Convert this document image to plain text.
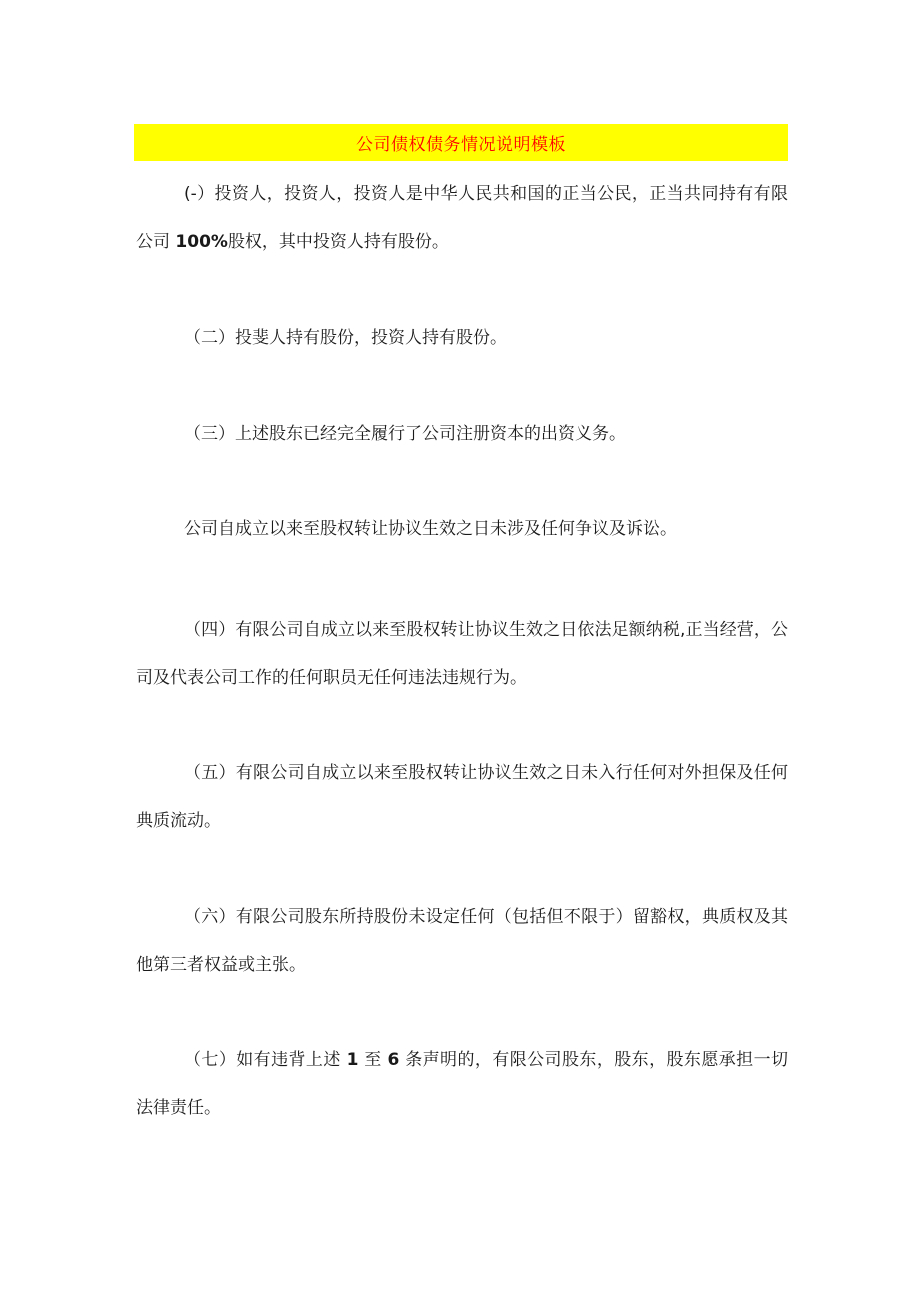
公司债权债务情况说明模板

(-）投资人，投资人，投资人是中华人民共和国的正当公民，正当共同持有有限公司 100%股权，其中投资人持有股份。

（二）投斐人持有股份，投资人持有股份。

（三）上述股东已经完全履行了公司注册资本的出资义务。

公司自成立以来至股权转让协议生效之日未涉及任何争议及诉讼。

（四）有限公司自成立以来至股权转让协议生效之日依法足额纳税,正当经营，公司及代表公司工作的任何职员无任何违法违规行为。

（五）有限公司自成立以来至股权转让协议生效之日未入行任何对外担保及任何典质流动。

（六）有限公司股东所持股份未设定任何（包括但不限于）留豁权，典质权及其他第三者权益或主张。

（七）如有违背上述 1 至 6 条声明的，有限公司股东，股东，股东愿承担一切法律责任。
